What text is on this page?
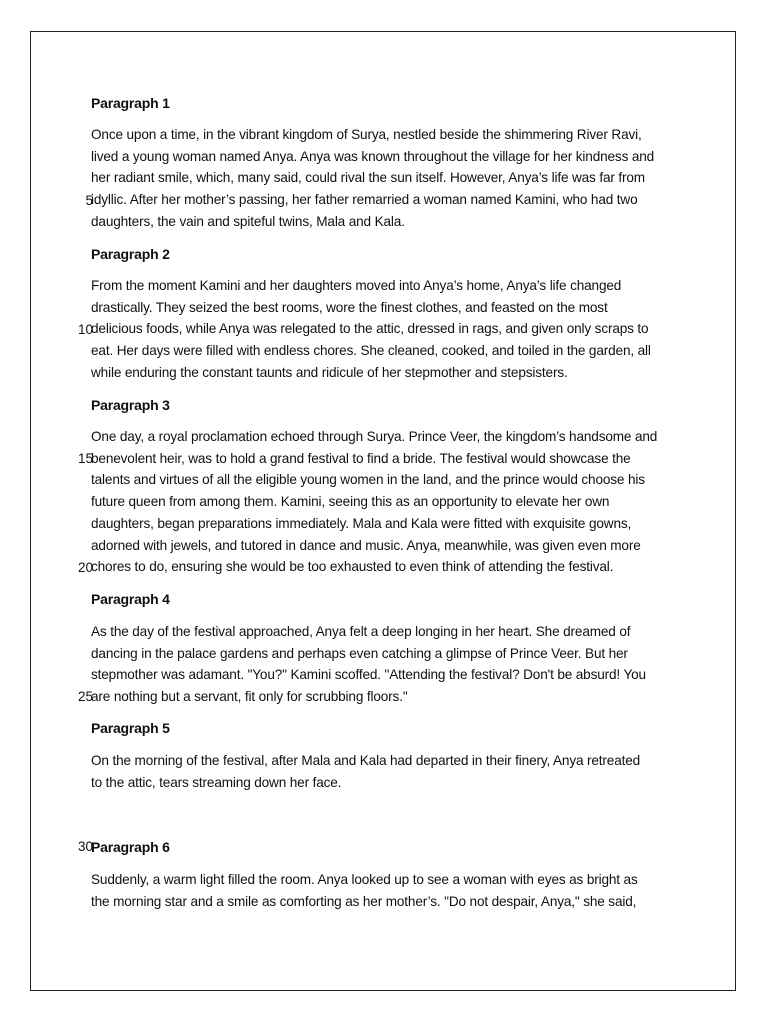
5
10
15
20
25
30
Paragraph 1
Once upon a time, in the vibrant kingdom of Surya, nestled beside the shimmering River Ravi,
lived a young woman named Anya. Anya was known throughout the village for her kindness and
her radiant smile, which, many said, could rival the sun itself. However, Anya’s life was far from
idyllic. After her mother’s passing, her father remarried a woman named Kamini, who had two
daughters, the vain and spiteful twins, Mala and Kala.
Paragraph 2
From the moment Kamini and her daughters moved into Anya’s home, Anya’s life changed
drastically. They seized the best rooms, wore the finest clothes, and feasted on the most
delicious foods, while Anya was relegated to the attic, dressed in rags, and given only scraps to
eat. Her days were filled with endless chores. She cleaned, cooked, and toiled in the garden, all
while enduring the constant taunts and ridicule of her stepmother and stepsisters.
Paragraph 3
One day, a royal proclamation echoed through Surya. Prince Veer, the kingdom’s handsome and
benevolent heir, was to hold a grand festival to find a bride. The festival would showcase the
talents and virtues of all the eligible young women in the land, and the prince would choose his
future queen from among them. Kamini, seeing this as an opportunity to elevate her own
daughters, began preparations immediately. Mala and Kala were fitted with exquisite gowns,
adorned with jewels, and tutored in dance and music. Anya, meanwhile, was given even more
chores to do, ensuring she would be too exhausted to even think of attending the festival.
Paragraph 4
As the day of the festival approached, Anya felt a deep longing in her heart. She dreamed of
dancing in the palace gardens and perhaps even catching a glimpse of Prince Veer. But her
stepmother was adamant. "You?" Kamini scoffed. "Attending the festival? Don't be absurd! You
are nothing but a servant, fit only for scrubbing floors."
Paragraph 5
On the morning of the festival, after Mala and Kala had departed in their finery, Anya retreated
to the attic, tears streaming down her face.
Paragraph 6
Suddenly, a warm light filled the room. Anya looked up to see a woman with eyes as bright as
the morning star and a smile as comforting as her mother’s. "Do not despair, Anya," she said,
